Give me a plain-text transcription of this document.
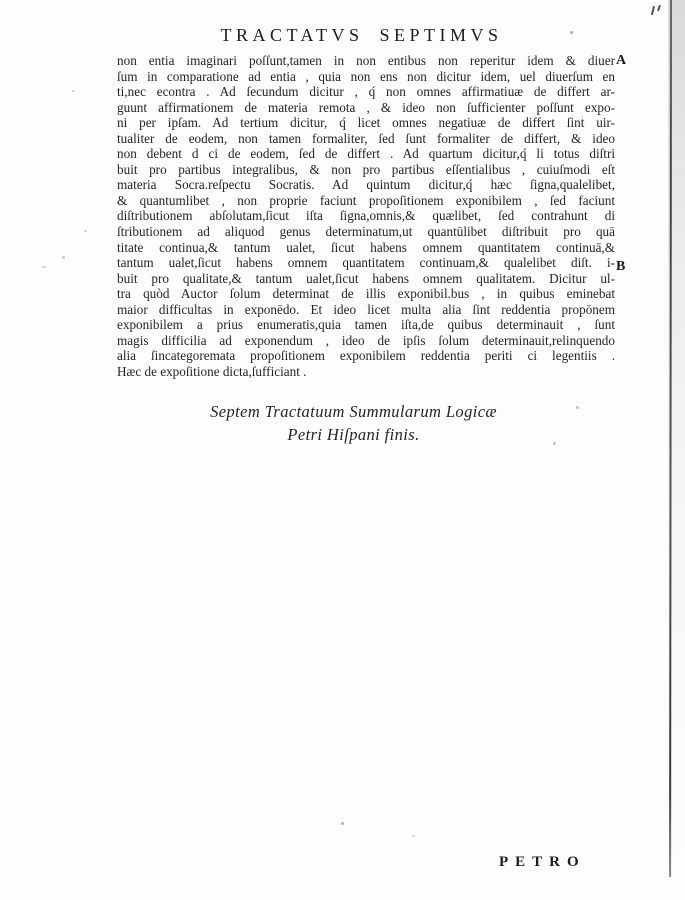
TRACTATVS SEPTIMVS
non entia imaginari poſſunt,tamen in non entibus non reperitur idem & diuer
ſum in comparatione ad entia , quia non ens non dicitur idem, uel diuerſum en
ti,nec econtra . Ad ſecundum dicitur , q́ non omnes affirmatiuæ de differt ar-
guunt affirmationem de materia remota , & ideo non ſufficienter poſſunt expo-
ni per ipſam. Ad tertium dicitur, q́ licet omnes negatiuæ de differt ſint uir-
tualiter de eodem, non tamen formaliter, ſed ſunt formaliter de differt, & ideo
non debent d ci de eodem, ſed de differt . Ad quartum dicitur,q́ li totus diſtri
buit pro partibus integralibus, & non pro partibus eſſentialibus , cuiuſmodi eſt
materia Socra.reſpectu Socratis. Ad quintum dicitur,q́ hæc ſigna,qualelibet,
& quantumlibet , non proprie faciunt propoſitionem exponibilem , ſed faciunt
diſtributionem abſolutam,ſicut iſta ſigna,omnis,& quælibet, ſed contrahunt di
ſtributionem ad aliquod genus determinatum,ut quantūlibet diſtribuit pro quā
titate continua,& tantum ualet, ſicut habens omnem quantitatem continuā,&
tantum ualet,ſicut habens omnem quantitatem continuam,& qualelibet diſt. i-
buit pro qualitate,& tantum ualet,ſicut habens omnem qualitatem. Dicitur ul-
tra quòd Auctor ſolum determinat de illis exponibil.bus , in quibus eminebat
maior difficultas in exponēdo. Et ideo licet multa alia ſint reddentia propōnem
exponibilem a prius enumeratis,quia tamen iſta,de quibus determinauit , ſunt
magis difficilia ad exponendum , ideo de ipſis ſolum determinauit,relinquendo
alia ſincategoremata propoſitionem exponibilem reddentia periti ci legentiis .
Hæc de expoſitione dicta,ſufficiant .
A
B
Septem Tractatuum Summularum Logicæ
Petri Hiſpani finis.
PETRO
